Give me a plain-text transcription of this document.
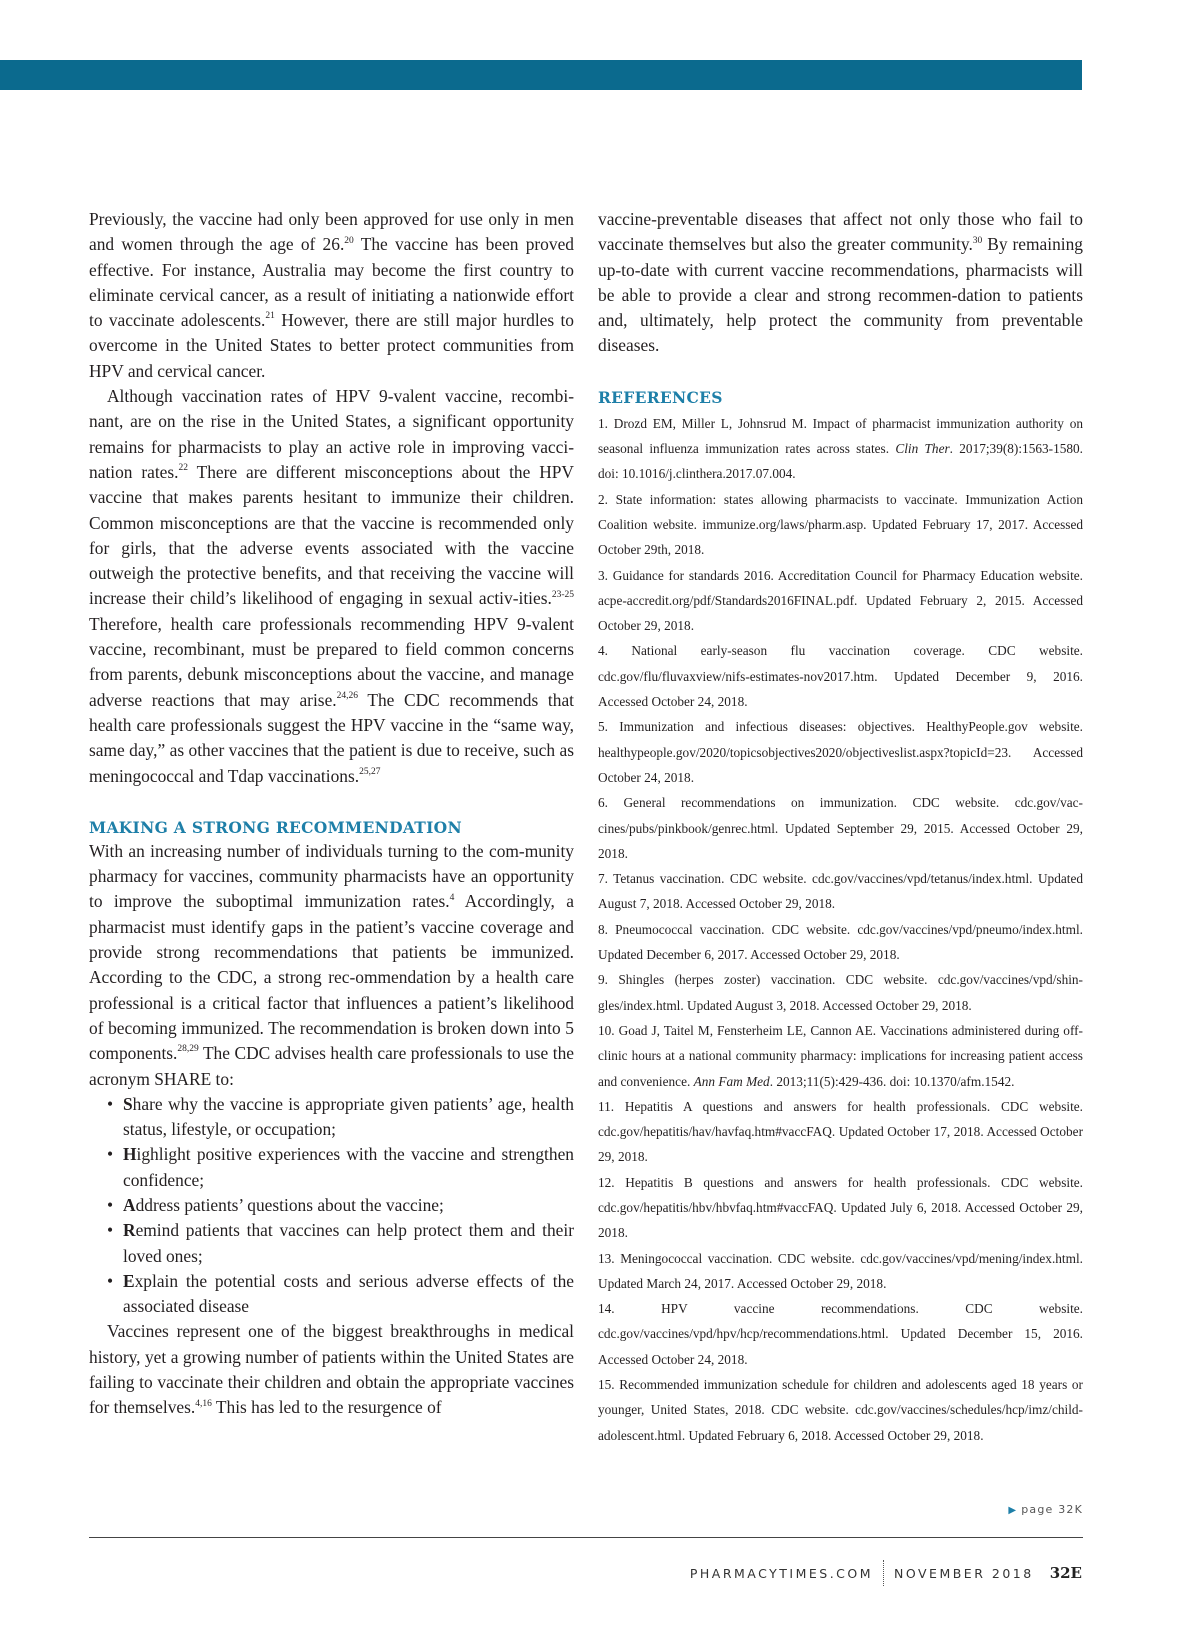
Previously, the vaccine had only been approved for use only in men and women through the age of 26.20 The vaccine has been proved effective. For instance, Australia may become the first country to eliminate cervical cancer, as a result of initiating a nationwide effort to vaccinate adolescents.$^{21}$ However, there are still major hurdles to overcome in the United States to better protect communities from HPV and cervical cancer.

Although vaccination rates of HPV 9-valent vaccine, recombi-nant, are on the rise in the United States, a significant opportunity remains for pharmacists to play an active role in improving vacci-nation rates.$^{22}$ There are different misconceptions about the HPV vaccine that makes parents hesitant to immunize their children. Common misconceptions are that the vaccine is recommended only for girls, that the adverse events associated with the vaccine outweigh the protective benefits, and that receiving the vaccine will increase their child’s likelihood of engaging in sexual activ-ities.$^{23-25}$ Therefore, health care professionals recommending HPV 9-valent vaccine, recombinant, must be prepared to field common concerns from parents, debunk misconceptions about the vaccine, and manage adverse reactions that may arise.$^{24,26}$ The CDC recommends that health care professionals suggest the HPV vaccine in the “same way, same day,” as other vaccines that the patient is due to receive, such as meningococcal and Tdap vaccinations.$^{25,27}$

MAKING A STRONG RECOMMENDATION

With an increasing number of individuals turning to the com-munity pharmacy for vaccines, community pharmacists have an opportunity to improve the suboptimal immunization rates.$^4$ Accordingly, a pharmacist must identify gaps in the patient’s vaccine coverage and provide strong recommendations that patients be immunized. According to the CDC, a strong rec-ommendation by a health care professional is a critical factor that influences a patient’s likelihood of becoming immunized. The recommendation is broken down into 5 components.$^{28,29}$ The CDC advises health care professionals to use the acronym SHARE to:

• Share why the vaccine is appropriate given patients’ age, health status, lifestyle, or occupation;
• Highlight positive experiences with the vaccine and strengthen confidence;
• Address patients’ questions about the vaccine;
• Remind patients that vaccines can help protect them and their loved ones;
• Explain the potential costs and serious adverse effects of the associated disease

Vaccines represent one of the biggest breakthroughs in medical history, yet a growing number of patients within the United States are failing to vaccinate their children and obtain the appropriate vaccines for themselves.$^{4,16}$ This has led to the resurgence of

vaccine-preventable diseases that affect not only those who fail to vaccinate themselves but also the greater community.$^{30}$ By remaining up-to-date with current vaccine recommendations, pharmacists will be able to provide a clear and strong recommen-dation to patients and, ultimately, help protect the community from preventable diseases.

REFERENCES
1. Drozd EM, Miller L, Johnsrud M. Impact of pharmacist immunization authority on seasonal influenza immunization rates across states. Clin Ther. 2017;39(8):1563-1580. doi: 10.1016/j.clinthera.2017.07.004.
2. State information: states allowing pharmacists to vaccinate. Immunization Action Coalition website. immunize.org/laws/pharm.asp. Updated February 17, 2017. Accessed October 29th, 2018.
3. Guidance for standards 2016. Accreditation Council for Pharmacy Education website. acpe-accredit.org/pdf/Standards2016FINAL.pdf. Updated February 2, 2015. Accessed October 29, 2018.
4. National early-season flu vaccination coverage. CDC website. cdc.gov/flu/fluvaxview/nifs-estimates-nov2017.htm. Updated December 9, 2016. Accessed October 24, 2018.
5. Immunization and infectious diseases: objectives. HealthyPeople.gov website. healthypeople.gov/2020/topicsobjectives2020/objectiveslist.aspx?topicId=23. Accessed October 24, 2018.
6. General recommendations on immunization. CDC website. cdc.gov/vac-cines/pubs/pinkbook/genrec.html. Updated September 29, 2015. Accessed October 29, 2018.
7. Tetanus vaccination. CDC website. cdc.gov/vaccines/vpd/tetanus/index.html. Updated August 7, 2018. Accessed October 29, 2018.
8. Pneumococcal vaccination. CDC website. cdc.gov/vaccines/vpd/pneumo/index.html. Updated December 6, 2017. Accessed October 29, 2018.
9. Shingles (herpes zoster) vaccination. CDC website. cdc.gov/vaccines/vpd/shin-gles/index.html. Updated August 3, 2018. Accessed October 29, 2018.
10. Goad J, Taitel M, Fensterheim LE, Cannon AE. Vaccinations administered during off-clinic hours at a national community pharmacy: implications for increasing patient access and convenience. Ann Fam Med. 2013;11(5):429-436. doi: 10.1370/afm.1542.
11. Hepatitis A questions and answers for health professionals. CDC website. cdc.gov/hepatitis/hav/havfaq.htm#vaccFAQ. Updated October 17, 2018. Accessed October 29, 2018.
12. Hepatitis B questions and answers for health professionals. CDC website. cdc.gov/hepatitis/hbv/hbvfaq.htm#vaccFAQ. Updated July 6, 2018. Accessed October 29, 2018.
13. Meningococcal vaccination. CDC website. cdc.gov/vaccines/vpd/mening/index.html. Updated March 24, 2017. Accessed October 29, 2018.
14. HPV vaccine recommendations. CDC website. cdc.gov/vaccines/vpd/hpv/hcp/recommendations.html. Updated December 15, 2016. Accessed October 24, 2018.
15. Recommended immunization schedule for children and adolescents aged 18 years or younger, United States, 2018. CDC website. cdc.gov/vaccines/schedules/hcp/imz/child-adolescent.html. Updated February 6, 2018. Accessed October 29, 2018.
▶ page 32K
PHARMACYTIMES.COM NOVEMBER 2018 32E
